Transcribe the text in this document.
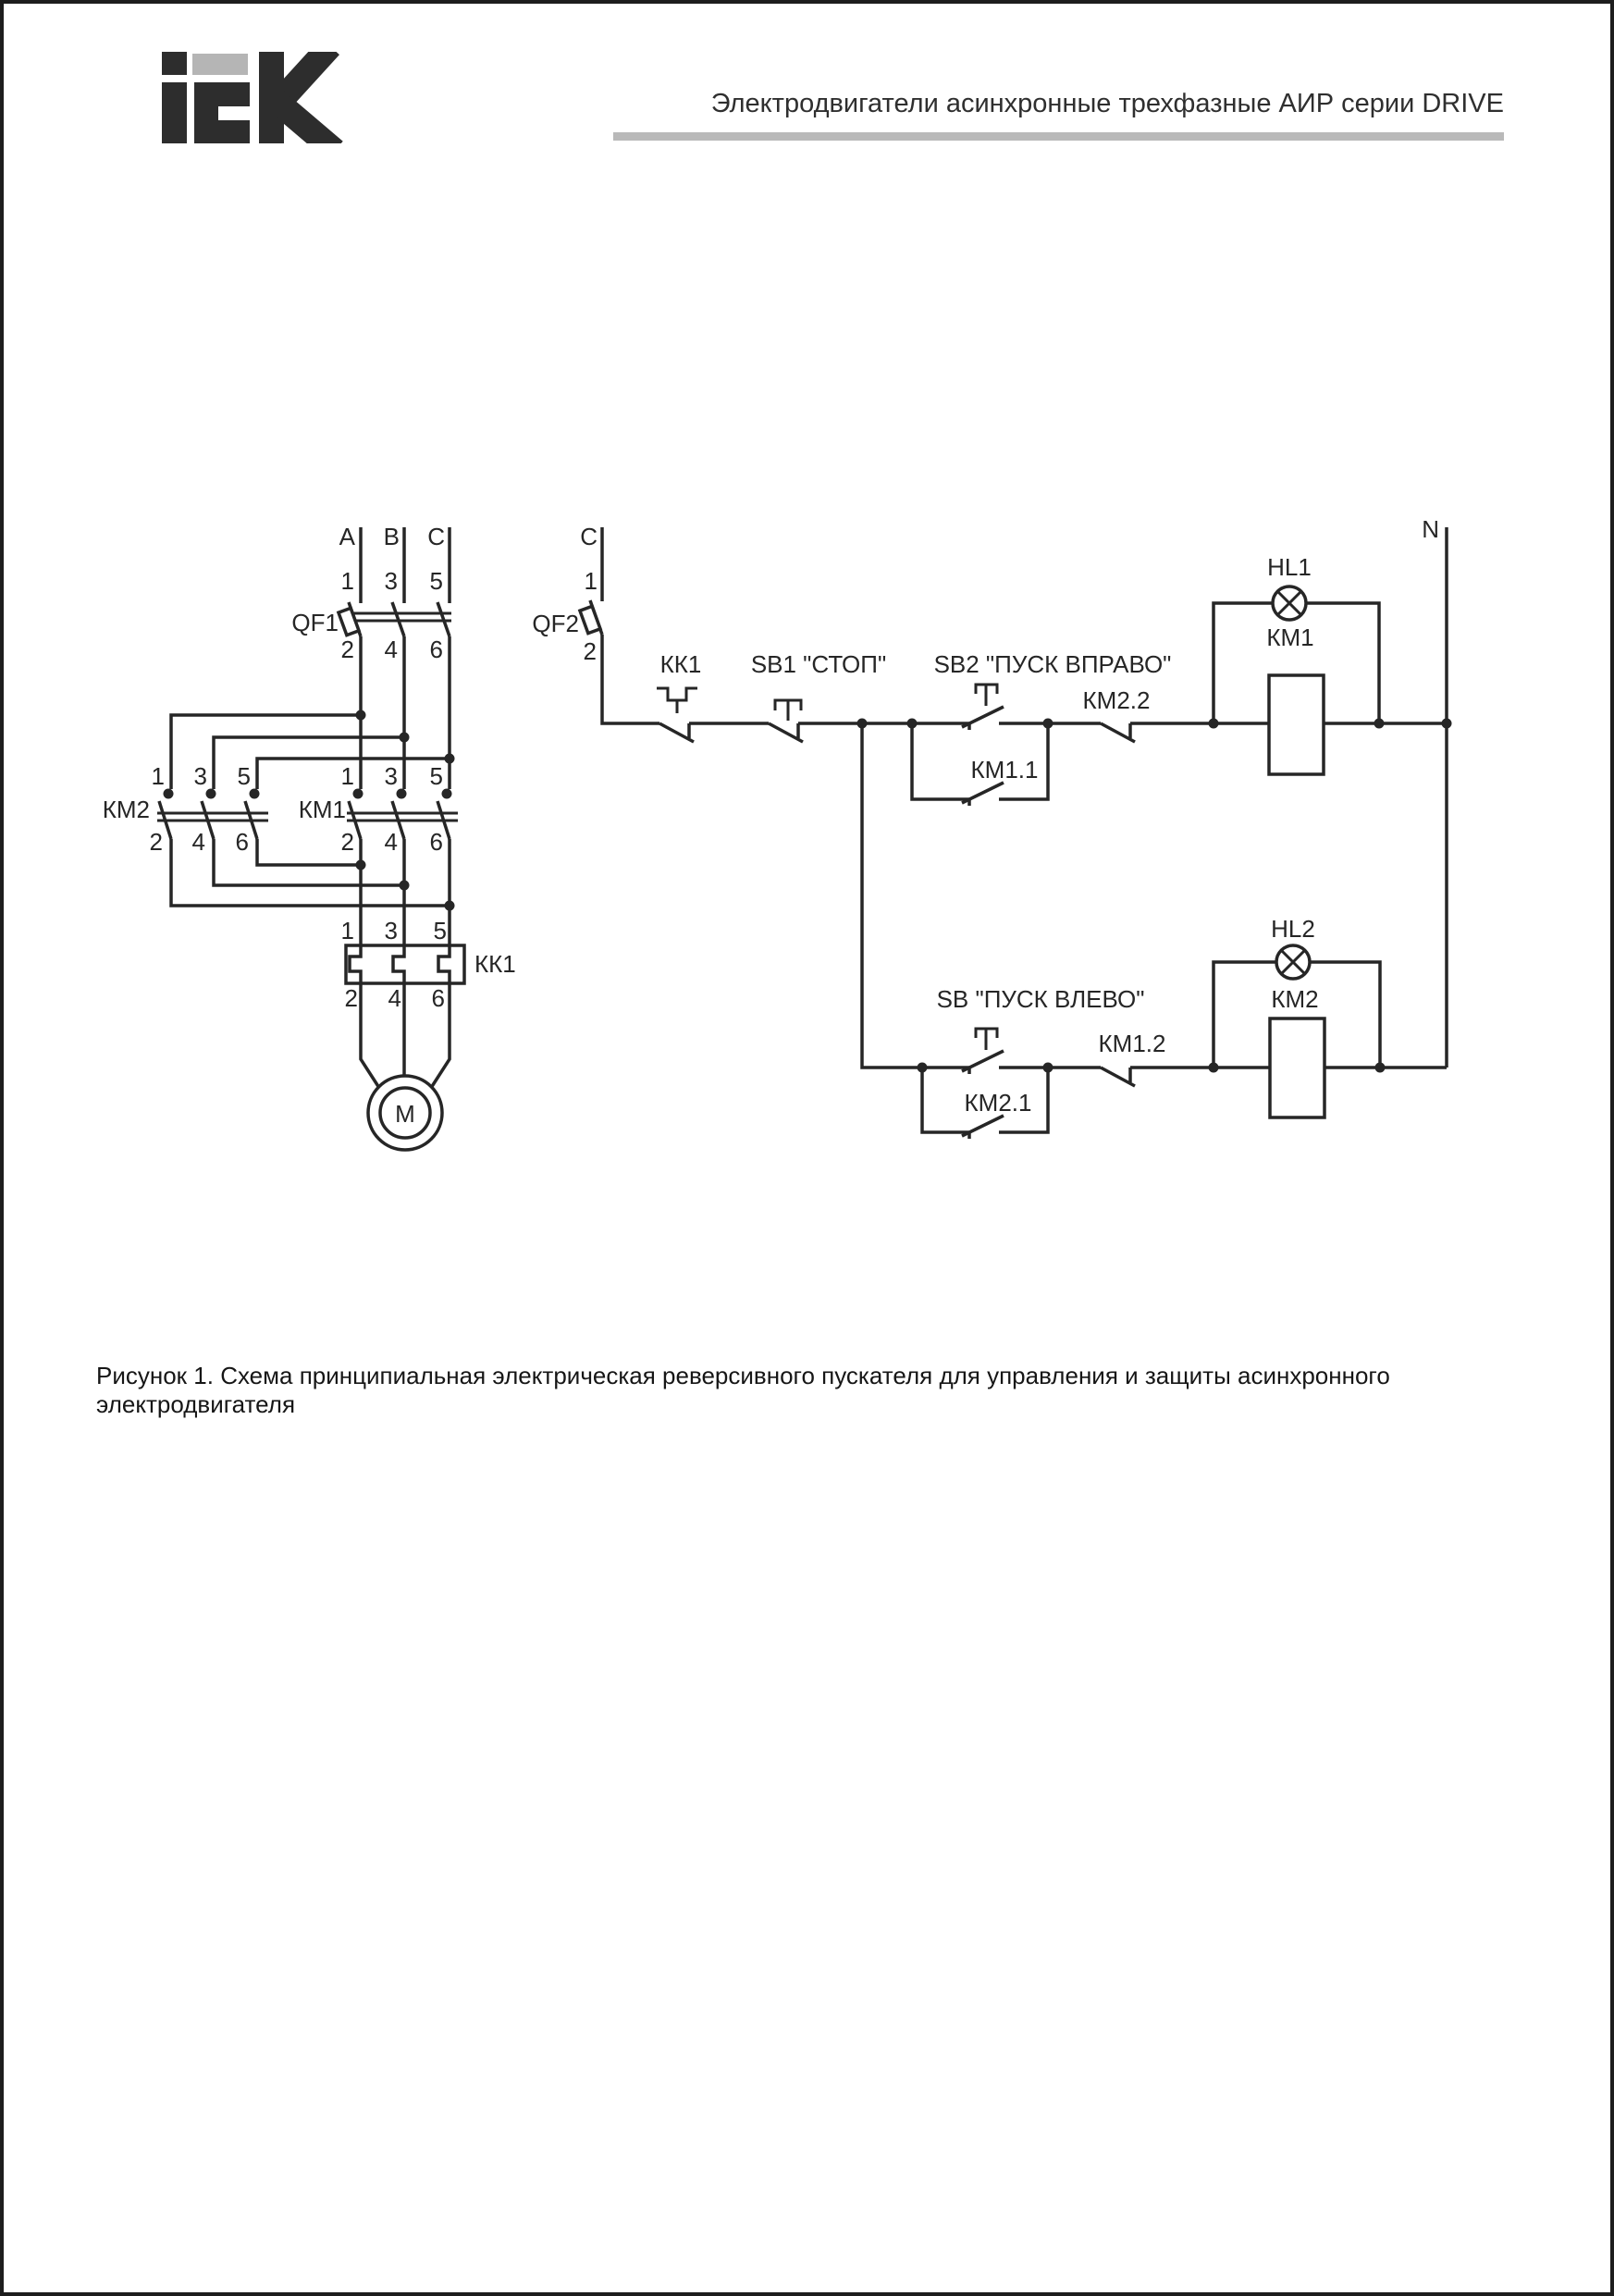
Электродвигатели асинхронные трехфазные АИР серии DRIVE
M
A B C
QF1
1 3 5
2 4 6
КМ2
1 3 5
2 4 6
КМ1
1 3 5
2 4 6
КК1
1 3 5
2 4 6
C
1
2
QF2
N
КК1 SB1 "СТОП" SB2 "ПУСК ВПРАВО"
КМ1.1
КМ2.2
HL1
КМ1
SB "ПУСК ВЛЕВО"
КМ2.1
КМ1.2
HL2
КМ2
Рисунок 1. Схема принципиальная электрическая реверсивного пускателя для управления и защиты асинхронного электродвигателя
